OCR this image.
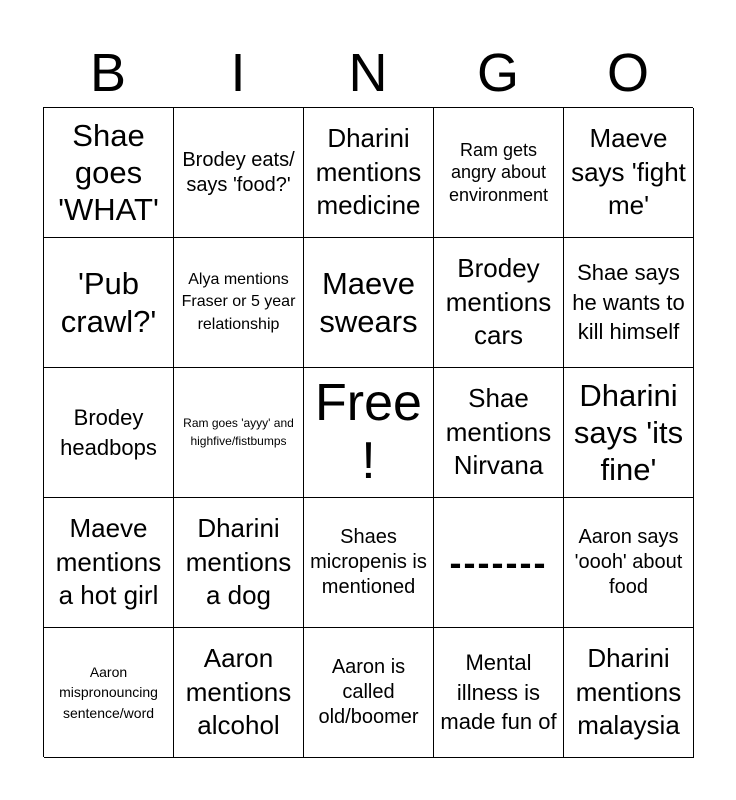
B	I	N	G	O
Shae goes 'WHAT'
Brodey eats/ says 'food?'
Dharini mentions medicine
Ram gets angry about environment
Maeve says 'fight me'
'Pub crawl?'
Alya mentions Fraser or 5 year relationship
Maeve swears
Brodey mentions cars
Shae says he wants to kill himself
Brodey headbops
Ram goes 'ayyy' and highfive/fistbumps
Free!
Shae mentions Nirvana
Dharini says 'its fine'
Maeve mentions a hot girl
Dharini mentions a dog
Shaes micropenis is mentioned
-------
Aaron says 'oooh' about food
Aaron mispronouncing sentence/word
Aaron mentions alcohol
Aaron is called old/boomer
Mental illness is made fun of
Dharini mentions malaysia
